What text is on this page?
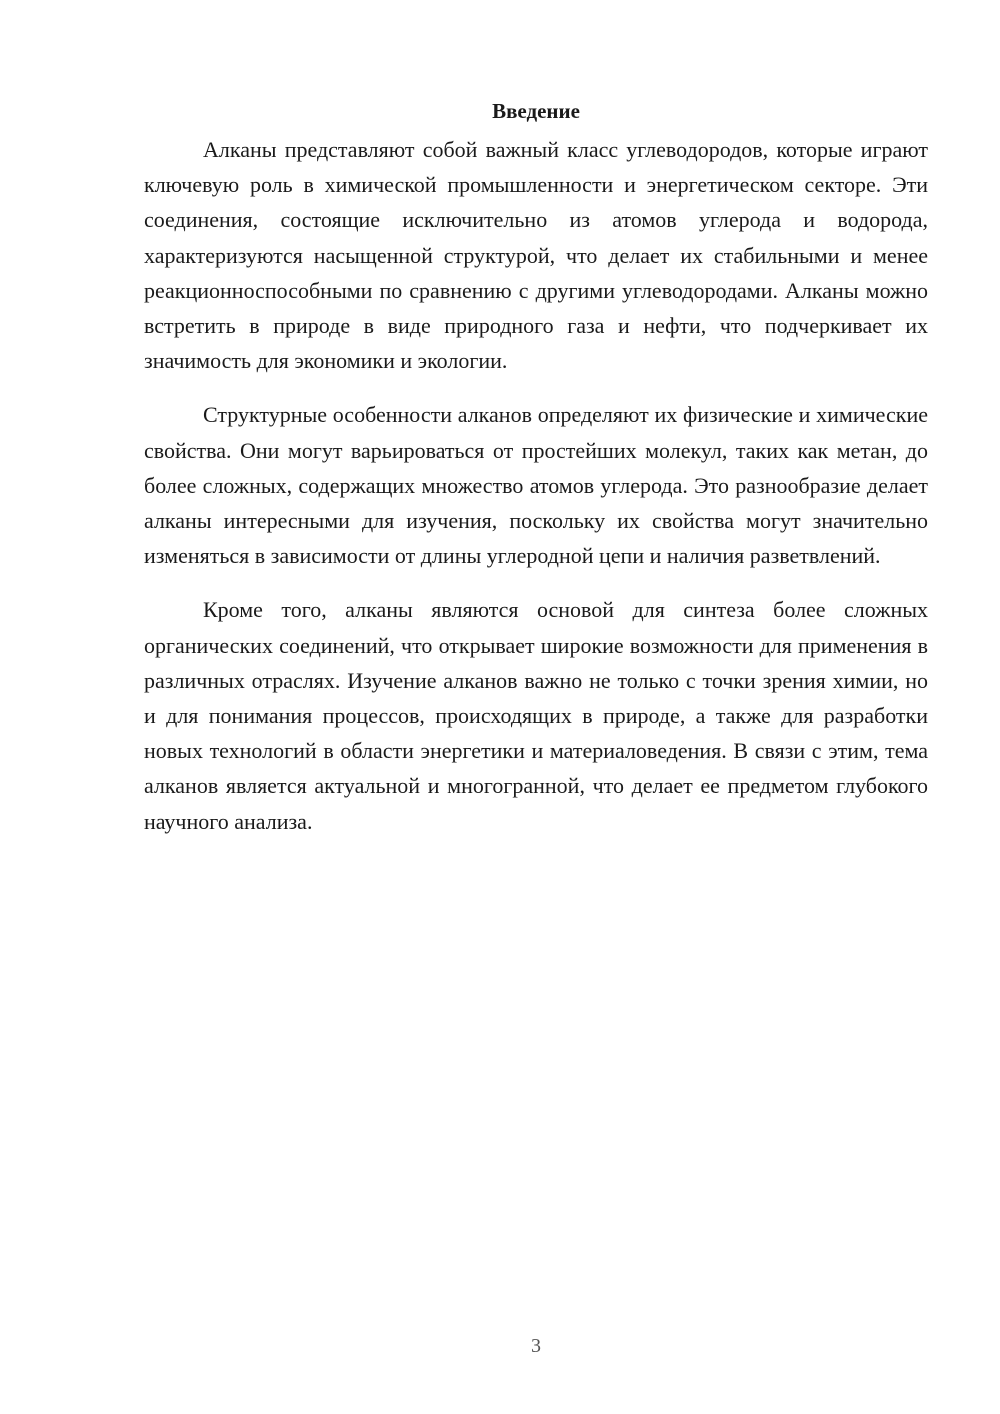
Введение

Алканы представляют собой важный класс углеводородов, которые играют ключевую роль в химической промышленности и энергетическом секторе. Эти соединения, состоящие исключительно из атомов углерода и водорода, характеризуются насыщенной структурой, что делает их стабильными и менее реакционноспособными по сравнению с другими углеводородами. Алканы можно встретить в природе в виде природного газа и нефти, что подчеркивает их значимость для экономики и экологии.

Структурные особенности алканов определяют их физические и химические свойства. Они могут варьироваться от простейших молекул, таких как метан, до более сложных, содержащих множество атомов углерода. Это разнообразие делает алканы интересными для изучения, поскольку их свойства могут значительно изменяться в зависимости от длины углеродной цепи и наличия разветвлений.

Кроме того, алканы являются основой для синтеза более сложных органических соединений, что открывает широкие возможности для применения в различных отраслях. Изучение алканов важно не только с точки зрения химии, но и для понимания процессов, происходящих в природе, а также для разработки новых технологий в области энергетики и материаловедения. В связи с этим, тема алканов является актуальной и многогранной, что делает ее предметом глубокого научного анализа.

3
